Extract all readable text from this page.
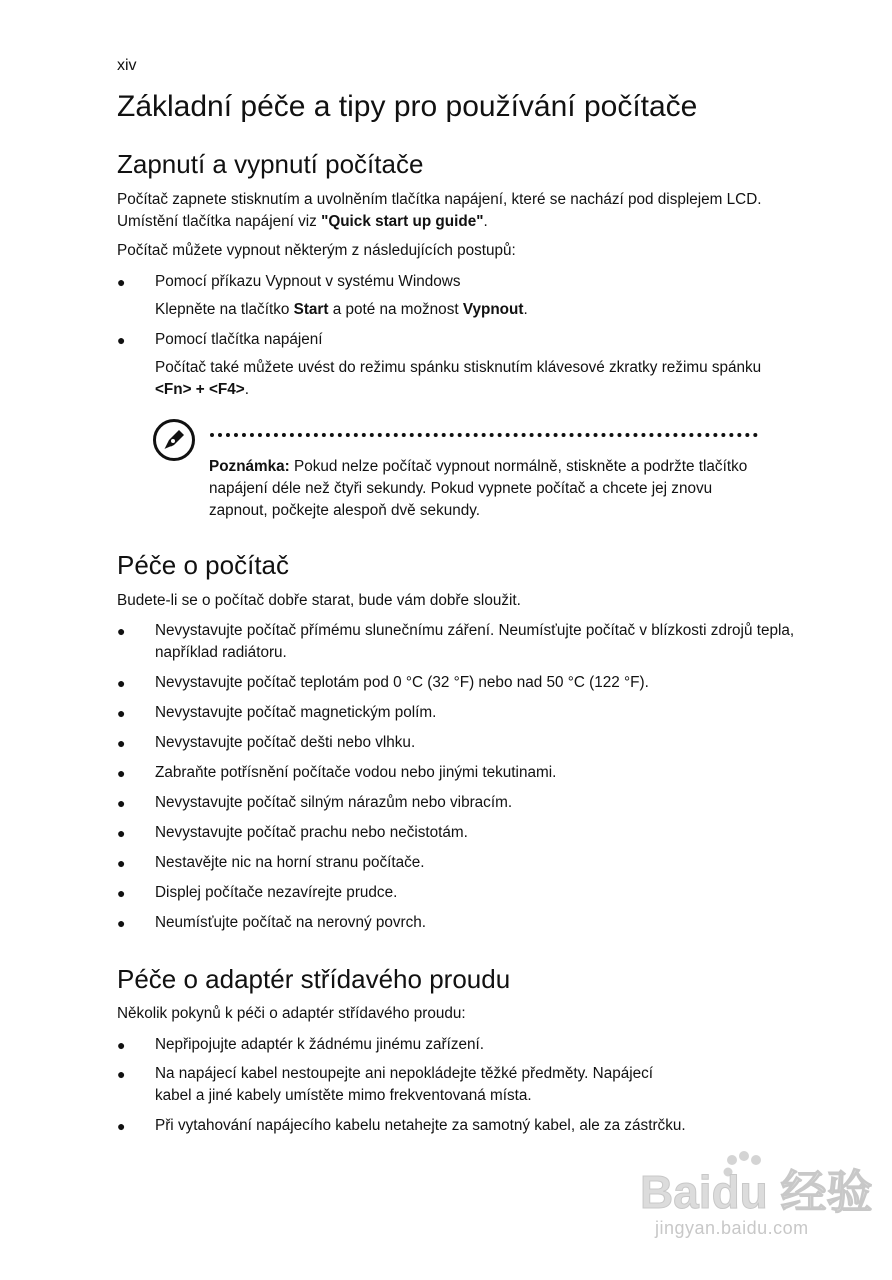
xiv
Základní péče a tipy pro používání počítače
Zapnutí a vypnutí počítače
Počítač zapnete stisknutím a uvolněním tlačítka napájení, které se nachází pod displejem LCD. Umístění tlačítka napájení viz "Quick start up guide".
Počítač můžete vypnout některým z následujících postupů:
●	Pomocí příkazu Vypnout v systému Windows
Klepněte na tlačítko Start a poté na možnost Vypnout.
●	Pomocí tlačítka napájení
Počítač také můžete uvést do režimu spánku stisknutím klávesové zkratky režimu spánku <Fn> + <F4>.
Poznámka: Pokud nelze počítač vypnout normálně, stiskněte a podržte tlačítko napájení déle než čtyři sekundy. Pokud vypnete počítač a chcete jej znovu zapnout, počkejte alespoň dvě sekundy.
Péče o počítač
Budete-li se o počítač dobře starat, bude vám dobře sloužit.
●	Nevystavujte počítač přímému slunečnímu záření. Neumísťujte počítač v blízkosti zdrojů tepla, například radiátoru.
●	Nevystavujte počítač teplotám pod 0 °C (32 °F) nebo nad 50 °C (122 °F).
●	Nevystavujte počítač magnetickým polím.
●	Nevystavujte počítač dešti nebo vlhku.
●	Zabraňte potřísnění počítače vodou nebo jinými tekutinami.
●	Nevystavujte počítač silným nárazům nebo vibracím.
●	Nevystavujte počítač prachu nebo nečistotám.
●	Nestavějte nic na horní stranu počítače.
●	Displej počítače nezavírejte prudce.
●	Neumísťujte počítač na nerovný povrch.
Péče o adaptér střídavého proudu
Několik pokynů k péči o adaptér střídavého proudu:
●	Nepřipojujte adaptér k žádnému jinému zařízení.
●	Na napájecí kabel nestoupejte ani nepokládejte těžké předměty. Napájecí kabel a jiné kabely umístěte mimo frekventovaná místa.
●	Při vytahování napájecího kabelu netahejte za samotný kabel, ale za zástrčku.
Baidu 经验
jingyan.baidu.com
